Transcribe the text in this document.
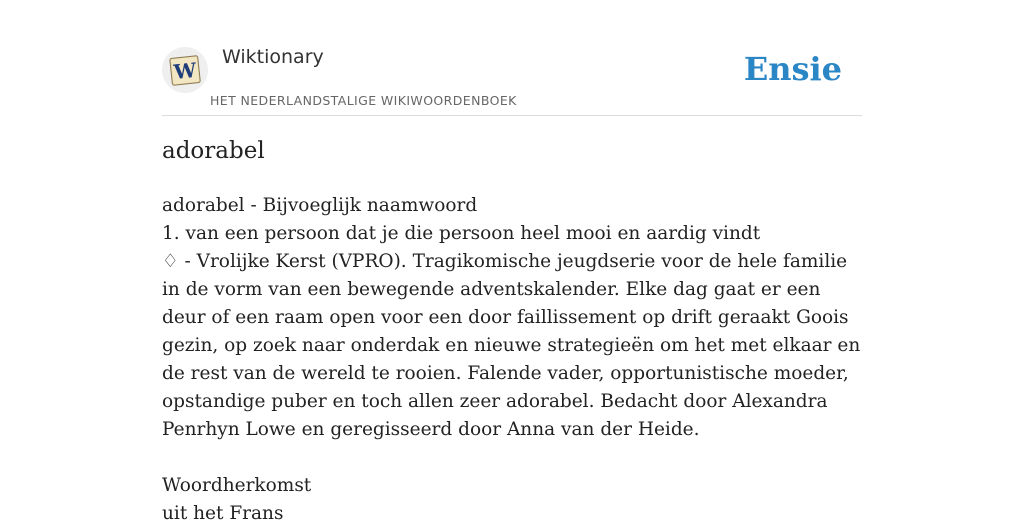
W
Wiktionary
HET NEDERLANDSTALIGE WIKIWOORDENBOEK
Ensie
adorabel

adorabel - Bijvoeglijk naamwoord

1. van een persoon dat je die persoon heel mooi en aardig vindt

♢ - Vrolijke Kerst (VPRO). Tragikomische jeugdserie voor de hele familie in de vorm van een bewegende adventskalender. Elke dag gaat er een deur of een raam open voor een door faillissement op drift geraakt Goois gezin, op zoek naar onderdak en nieuwe strategieën om het met elkaar en de rest van de wereld te rooien. Falende vader, opportunistische moeder, opstandige puber en toch allen zeer adorabel. Bedacht door Alexandra Penrhyn Lowe en geregisseerd door Anna van der Heide.

Woordherkomst

uit het Frans
